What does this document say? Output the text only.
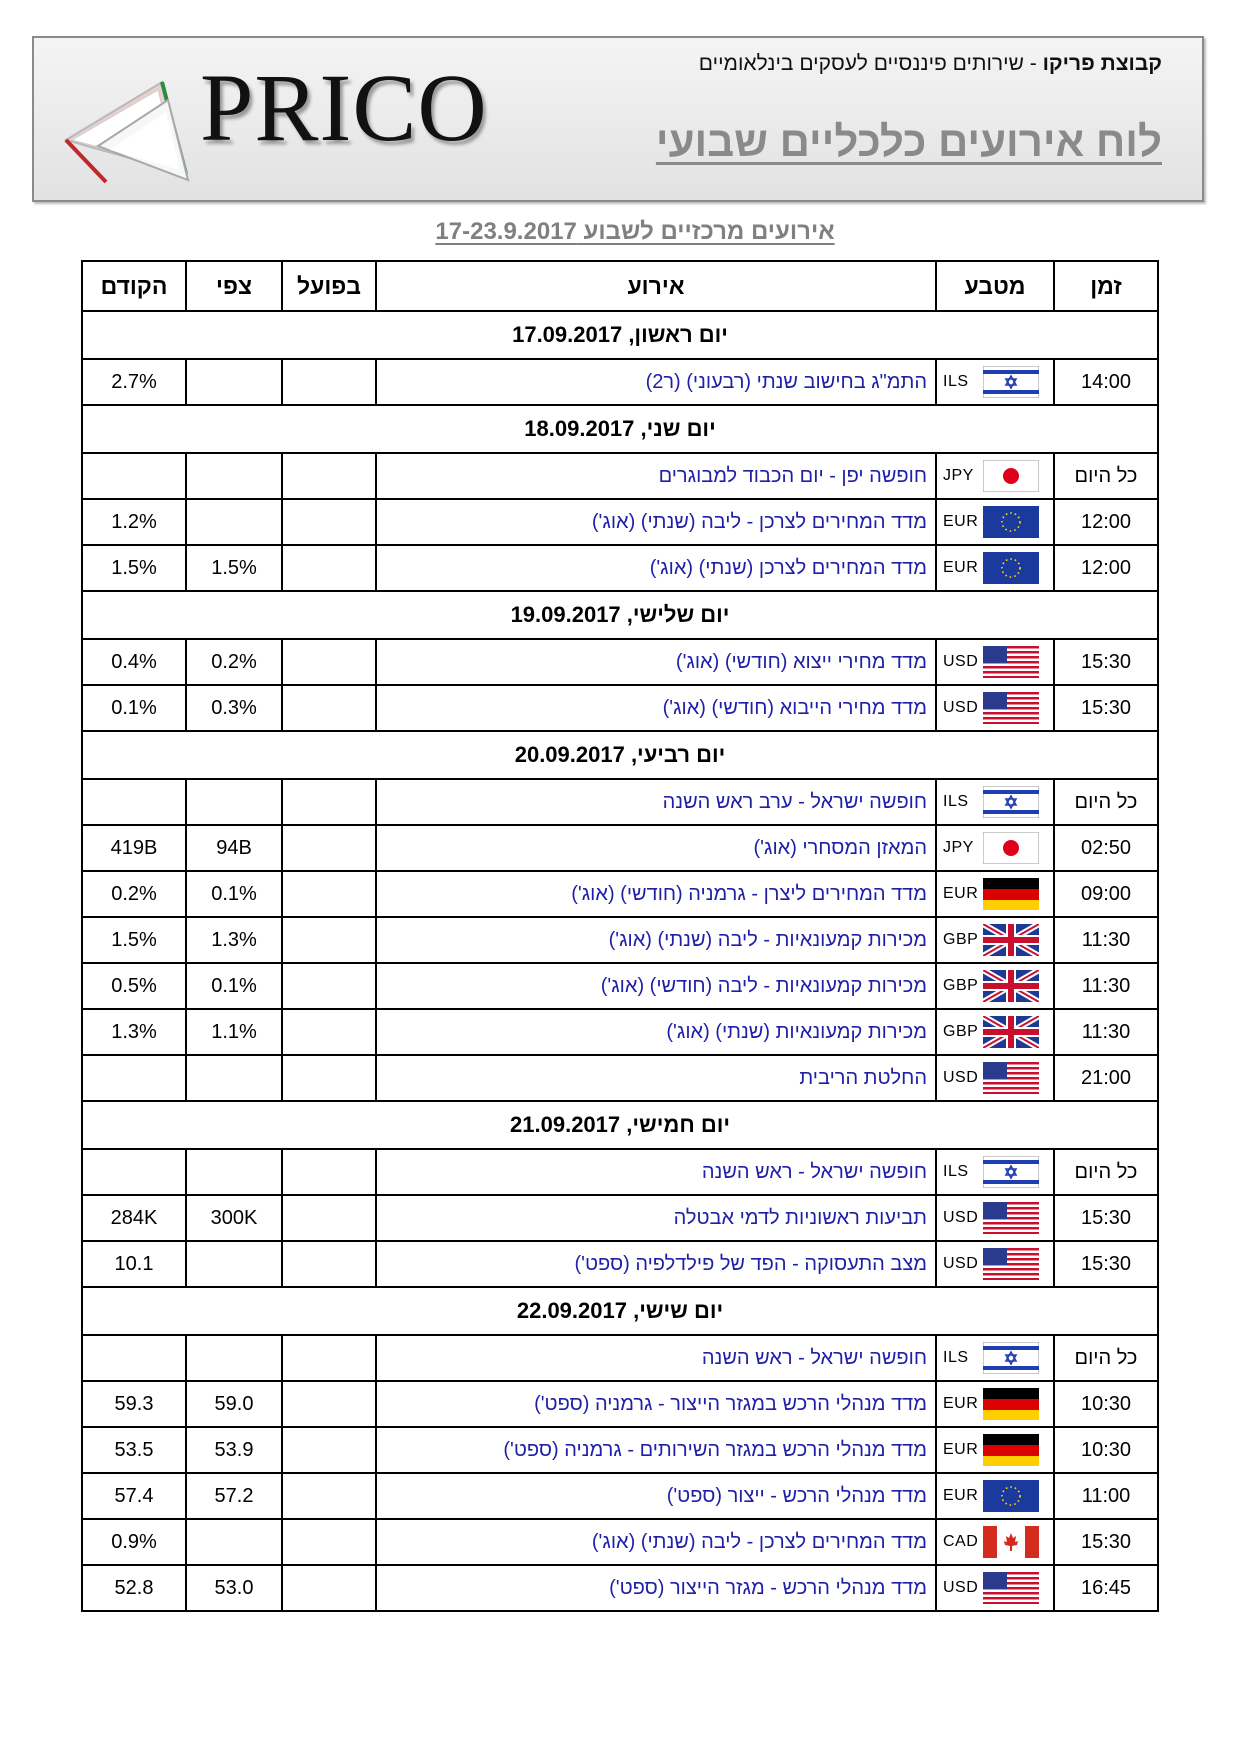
PRICO	קבוצת פריקו - שירותים פיננסיים לעסקים בינלאומיים
לוח אירועים כלכליים שבועי
אירועים מרכזיים לשבוע 17-23.9.2017
הקודם	צפי	בפועל	אירוע	מטבע	זמן
יום ראשון, 17.09.2017					
2.7%			התמ"ג בחישוב שנתי (רבעוני) (ר2)	ILS	14:00
יום שני, 18.09.2017					
			חופשה יפן - יום הכבוד למבוגרים	JPY	כל היום
1.2%			מדד המחירים לצרכן - ליבה (שנתי) (אוג')	EUR	12:00
1.5%	1.5%		מדד המחירים לצרכן (שנתי) (אוג')	EUR	12:00
יום שלישי, 19.09.2017					
0.4%	0.2%		מדד מחירי ייצוא (חודשי) (אוג')	USD	15:30
0.1%	0.3%		מדד מחירי הייבוא (חודשי) (אוג')	USD	15:30
יום רביעי, 20.09.2017					
			חופשה ישראל - ערב ראש השנה	ILS	כל היום
419B	94B		המאזן המסחרי (אוג')	JPY	02:50
0.2%	0.1%		מדד המחירים ליצרן - גרמניה (חודשי) (אוג')	EUR	09:00
1.5%	1.3%		מכירות קמעונאיות - ליבה (שנתי) (אוג')	GBP	11:30
0.5%	0.1%		מכירות קמעונאיות - ליבה (חודשי) (אוג')	GBP	11:30
1.3%	1.1%		מכירות קמעונאיות (שנתי) (אוג')	GBP	11:30
			החלטת הריבית	USD	21:00
יום חמישי, 21.09.2017					
			חופשה ישראל - ראש השנה	ILS	כל היום
284K	300K		תביעות ראשוניות לדמי אבטלה	USD	15:30
10.1			מצב התעסוקה - הפד של פילדלפיה (ספט')	USD	15:30
יום שישי, 22.09.2017					
			חופשה ישראל - ראש השנה	ILS	כל היום
59.3	59.0		מדד מנהלי הרכש במגזר הייצור - גרמניה (ספט')	EUR	10:30
53.5	53.9		מדד מנהלי הרכש במגזר השירותים - גרמניה (ספט')	EUR	10:30
57.4	57.2		מדד מנהלי הרכש - ייצור (ספט')	EUR	11:00
0.9%			מדד המחירים לצרכן - ליבה (שנתי) (אוג')	CAD	15:30
52.8	53.0		מדד מנהלי הרכש - מגזר הייצור (ספט')	USD	16:45
